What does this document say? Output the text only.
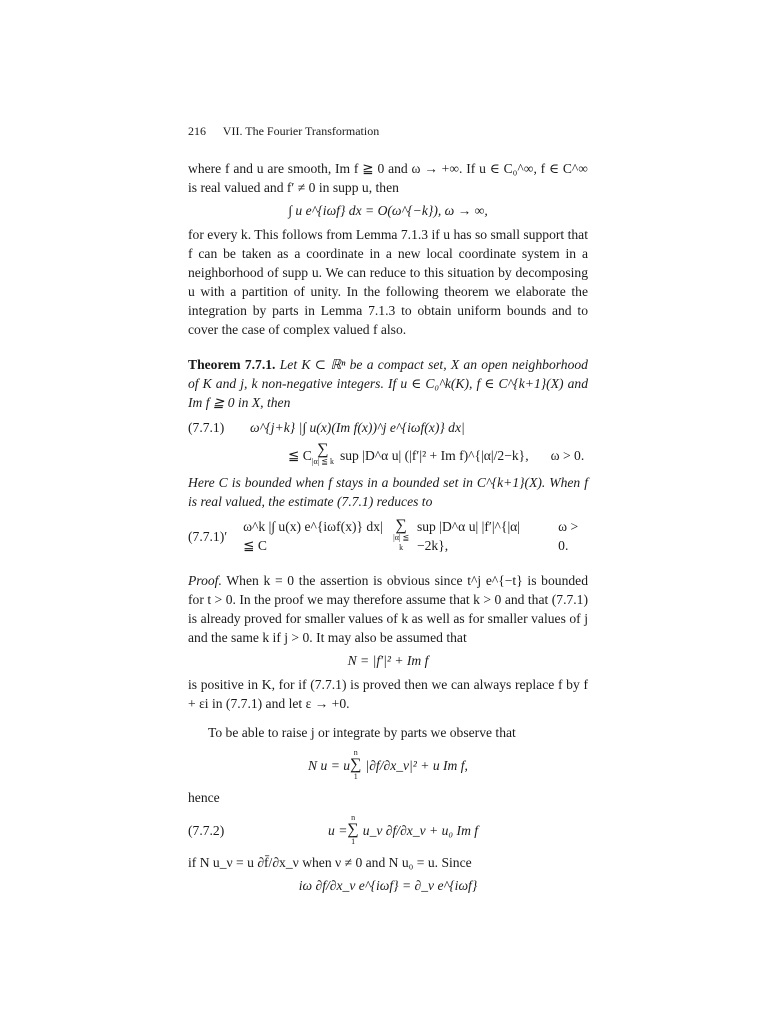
216 VII. The Fourier Transformation

where f and u are smooth, Im f ≧ 0 and ω → +∞. If u ∈ C₀^∞, f ∈ C^∞ is real valued and f′ ≠ 0 in supp u, then

∫ u e^{iωf} dx = O(ω^{−k}), ω → ∞,

for every k. This follows from Lemma 7.1.3 if u has so small support that f can be taken as a coordinate in a new local coordinate system in a neighborhood of supp u. We can reduce to this situation by decomposing u with a partition of unity. In the following theorem we elaborate the integration by parts in Lemma 7.1.3 to obtain uniform bounds and to cover the case of complex valued f also.

Theorem 7.7.1. Let K ⊂ ℝⁿ be a compact set, X an open neighborhood of K and j, k non-negative integers. If u ∈ C₀^k(K), f ∈ C^{k+1}(X) and Im f ≧ 0 in X, then

(7.7.1)	ω^{j+k} |∫ u(x)(Im f(x))^j e^{iωf(x)} dx|
≦ C ∑
|α| ≦ k sup |D^α u| (|f′|² + Im f)^{|α|/2−k}, ω > 0.

Here C is bounded when f stays in a bounded set in C^{k+1}(X). When f is real valued, the estimate (7.7.1) reduces to

(7.7.1)′
ω^k |∫ u(x) e^{iωf(x)} dx| ≦ C
∑
|α| ≦ k
sup |D^α u| |f′|^{|α|−2k},
ω > 0.

Proof. When k = 0 the assertion is obvious since t^j e^{−t} is bounded for t > 0. In the proof we may therefore assume that k > 0 and that (7.7.1) is already proved for smaller values of k as well as for smaller values of j and the same k if j > 0. It may also be assumed that

N = |f′|² + Im f

is positive in K, for if (7.7.1) is proved then we can always replace f by f + εi in (7.7.1) and let ε → +0.

To be able to raise j or integrate by parts we observe that

N u = u
n
∑
1
|∂f/∂x_ν|² + u Im f,

hence

(7.7.2)	u =
n
∑
1
u_ν ∂f/∂x_ν + u₀ Im f

if N u_ν = u ∂f̄/∂x_ν when ν ≠ 0 and N u₀ = u. Since

iω ∂f/∂x_ν e^{iωf} = ∂_ν e^{iωf}
